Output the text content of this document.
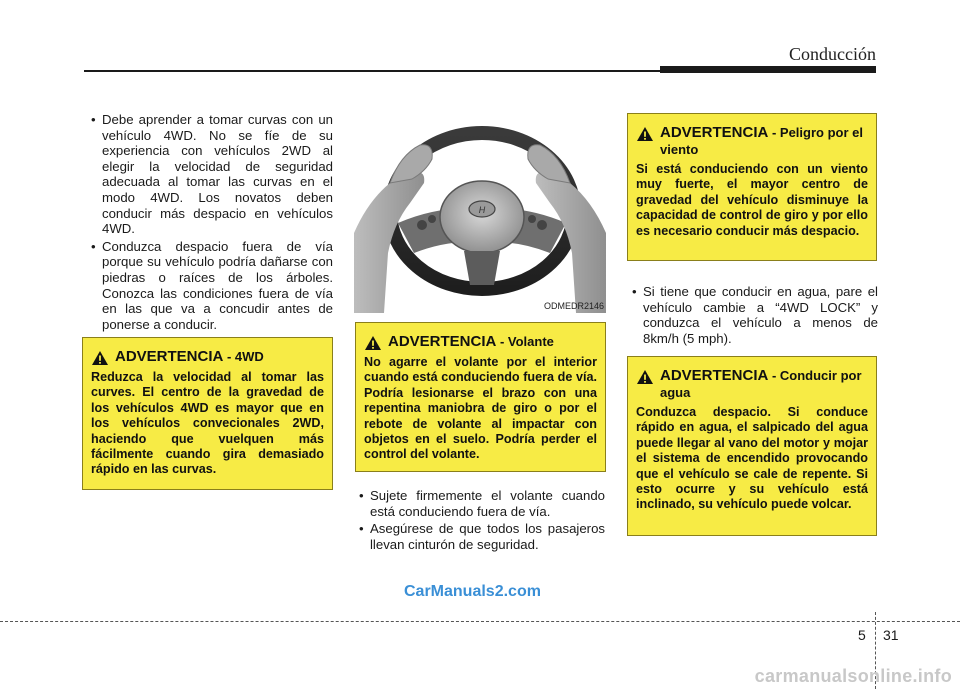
Conducción
• Debe aprender a tomar curvas con un vehículo 4WD. No se fíe de su experiencia con vehículos 2WD al elegir la velocidad de seguridad adecuada al tomar las curvas en el modo 4WD. Los novatos deben conducir más despacio en vehículos 4WD.
• Conduzca despacio fuera de vía porque su vehículo podría dañarse con piedras o raíces de los árboles. Conozca las condiciones fuera de vía en las que va a concudir antes de ponerse a conducir.
ADVERTENCIA - 4WD
Reduzca la velocidad al tomar las curves. El centro de la gravedad de los vehículos 4WD es mayor que en los vehículos convecionales 2WD, haciendo que vuelquen más fácilmente cuando gira demasiado rápido en las curvas.
H
ODMEDR2146
ADVERTENCIA - Volante
No agarre el volante por el interior cuando está conduciendo fuera de vía. Podría lesionarse el brazo con una repentina maniobra de giro o por el rebote de volante al impactar con objetos en el suelo. Podría perder el control del volante.
• Sujete firmemente el volante cuando está conduciendo fuera de vía.
• Asegúrese de que todos los pasajeros llevan cinturón de seguridad.
ADVERTENCIA - Peligro por el viento
Si está conduciendo con un viento muy fuerte, el mayor centro de gravedad del vehículo disminuye la capacidad de control de giro y por ello es necesario conducir más despacio.
• Si tiene que conducir en agua, pare el vehículo cambie a “4WD LOCK” y conduzca el vehículo a menos de 8km/h (5 mph).
ADVERTENCIA - Conducir por agua
Conduzca despacio. Si conduce rápido en agua, el salpicado del agua puede llegar al vano del motor y mojar el sistema de encendido provocando que el vehículo se cale de repente. Si esto ocurre y su vehículo está inclinado, su vehículo puede volcar.
CarManuals2.com
5 31
carmanualsonline.info
